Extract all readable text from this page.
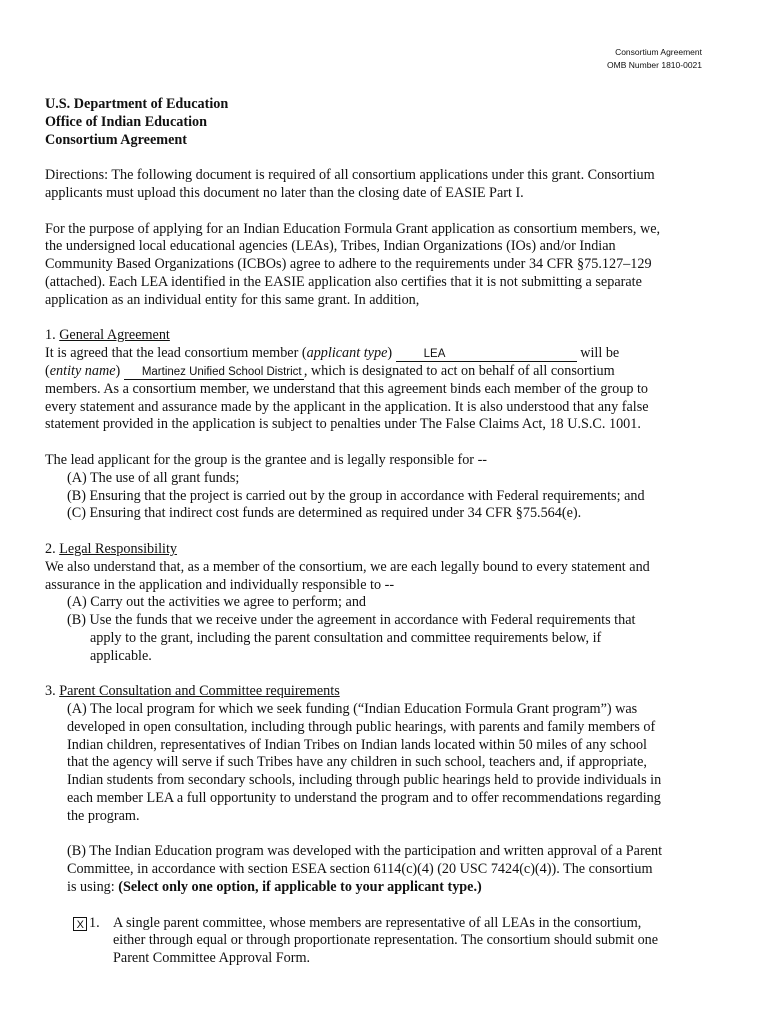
Consortium Agreement
OMB Number 1810-0021

U.S. Department of Education

Office of Indian Education

Consortium Agreement

Directions: The following document is required of all consortium applications under this grant. Consortium

applicants must upload this document no later than the closing date of EASIE Part I.

For the purpose of applying for an Indian Education Formula Grant application as consortium members, we,

the undersigned local educational agencies (LEAs), Tribes, Indian Organizations (IOs) and/or Indian

Community Based Organizations (ICBOs) agree to adhere to the requirements under 34 CFR §75.127–129

(attached). Each LEA identified in the EASIE application also certifies that it is not submitting a separate

application as an individual entity for this same grant. In addition,

1. General Agreement

It is agreed that the lead consortium member (applicant type) LEA	will be

(entity name) Martinez Unified School District , which is designated to act on behalf of all consortium

members. As a consortium member, we understand that this agreement binds each member of the group to

every statement and assurance made by the applicant in the application. It is also understood that any false

statement provided in the application is subject to penalties under The False Claims Act, 18 U.S.C. 1001.

The lead applicant for the group is the grantee and is legally responsible for --

(A) The use of all grant funds;

(B) Ensuring that the project is carried out by the group in accordance with Federal requirements; and

(C) Ensuring that indirect cost funds are determined as required under 34 CFR §75.564(e).

2. Legal Responsibility

We also understand that, as a member of the consortium, we are each legally bound to every statement and

assurance in the application and individually responsible to --

(A) Carry out the activities we agree to perform; and

(B) Use the funds that we receive under the agreement in accordance with Federal requirements that

apply to the grant, including the parent consultation and committee requirements below, if

applicable.

3. Parent Consultation and Committee requirements

(A) The local program for which we seek funding (“Indian Education Formula Grant program”) was

developed in open consultation, including through public hearings, with parents and family members of

Indian children, representatives of Indian Tribes on Indian lands located within 50 miles of any school

that the agency will serve if such Tribes have any children in such school, teachers and, if appropriate,

Indian students from secondary schools, including through public hearings held to provide individuals in

each member LEA a full opportunity to understand the program and to offer recommendations regarding

the program.

(B) The Indian Education program was developed with the participation and written approval of a Parent

Committee, in accordance with section ESEA section 6114(c)(4) (20 USC 7424(c)(4)). The consortium

is using: (Select only one option, if applicable to your applicant type.)

X 1. A single parent committee, whose members are representative of all LEAs in the consortium,

either through equal or through proportionate representation. The consortium should submit one

Parent Committee Approval Form.
